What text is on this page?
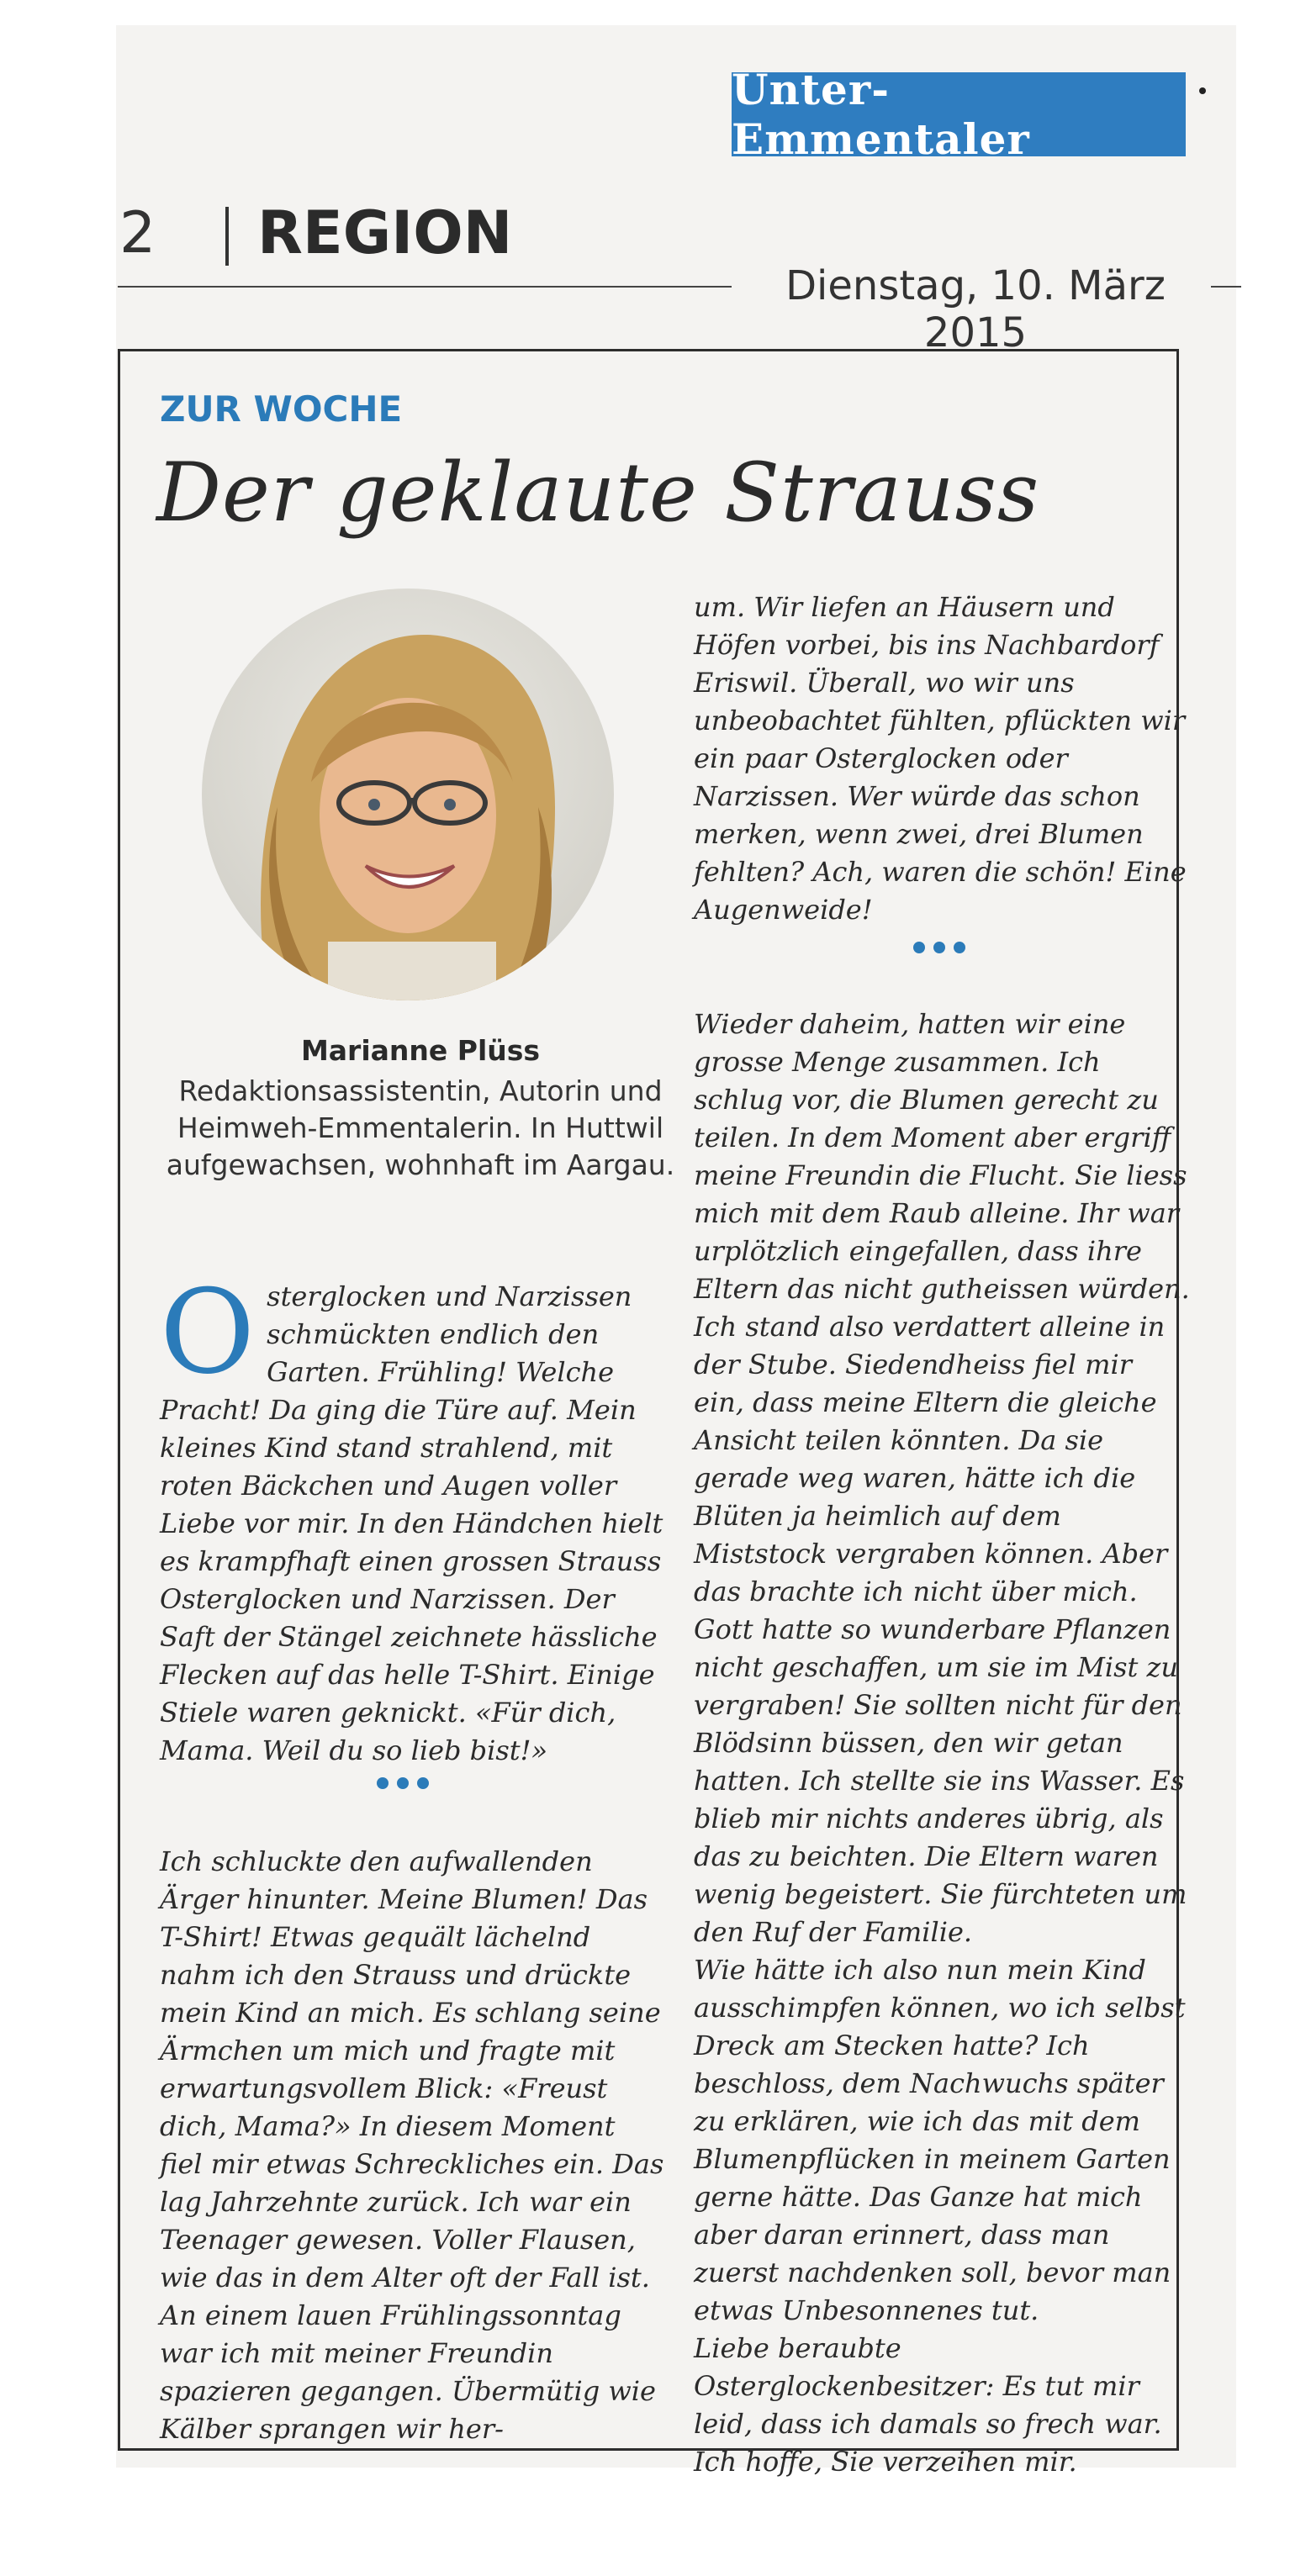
Unter-Emmentaler
2 REGION
Dienstag, 10. März 2015
ZUR WOCHE
Der geklaute Strauss
Marianne Plüss
Redaktionsassistentin, Autorin und Heimweh-Emmentalerin. In Huttwil aufgewachsen, wohnhaft im Aargau.

Osterglocken und Narzissen schmückten endlich den Garten. Frühling! Welche Pracht! Da ging die Türe auf. Mein kleines Kind stand strahlend, mit roten Bäckchen und Augen voller Liebe vor mir. In den Händchen hielt es krampfhaft einen grossen Strauss Osterglocken und Narzissen. Der Saft der Stängel zeichnete hässliche Flecken auf das helle T-Shirt. Einige Stiele waren geknickt. «Für dich, Mama. Weil du so lieb bist!»

Ich schluckte den aufwallenden Ärger hinunter. Meine Blumen! Das T-Shirt! Etwas gequält lächelnd nahm ich den Strauss und drückte mein Kind an mich. Es schlang seine Ärmchen um mich und fragte mit erwartungsvollem Blick: «Freust dich, Mama?» In diesem Moment fiel mir etwas Schreckliches ein. Das lag Jahrzehnte zurück. Ich war ein Teenager gewesen. Voller Flausen, wie das in dem Alter oft der Fall ist. An einem lauen Frühlingssonntag war ich mit meiner Freundin spazieren gegangen. Übermütig wie Kälber sprangen wir her-

um. Wir liefen an Häusern und Höfen vorbei, bis ins Nachbardorf Eriswil. Überall, wo wir uns unbeobachtet fühlten, pflückten wir ein paar Osterglocken oder Narzissen. Wer würde das schon merken, wenn zwei, drei Blumen fehlten? Ach, waren die schön! Eine Augenweide!

Wieder daheim, hatten wir eine grosse Menge zusammen. Ich schlug vor, die Blumen gerecht zu teilen. In dem Moment aber ergriff meine Freundin die Flucht. Sie liess mich mit dem Raub alleine. Ihr war urplötzlich eingefallen, dass ihre Eltern das nicht gutheissen würden. Ich stand also verdattert alleine in der Stube. Siedendheiss fiel mir ein, dass meine Eltern die gleiche Ansicht teilen könnten. Da sie gerade weg waren, hätte ich die Blüten ja heimlich auf dem Miststock vergraben können. Aber das brachte ich nicht über mich. Gott hatte so wunderbare Pflanzen nicht geschaffen, um sie im Mist zu vergraben! Sie sollten nicht für den Blödsinn büssen, den wir getan hatten. Ich stellte sie ins Wasser. Es blieb mir nichts anderes übrig, als das zu beichten. Die Eltern waren wenig begeistert. Sie fürchteten um den Ruf der Familie.

Wie hätte ich also nun mein Kind ausschimpfen können, wo ich selbst Dreck am Stecken hatte? Ich beschloss, dem Nachwuchs später zu erklären, wie ich das mit dem Blumenpflücken in meinem Garten gerne hätte. Das Ganze hat mich aber daran erinnert, dass man zuerst nachdenken soll, bevor man etwas Unbesonnenes tut.

Liebe beraubte Osterglockenbesitzer: Es tut mir leid, dass ich damals so frech war. Ich hoffe, Sie verzeihen mir.
